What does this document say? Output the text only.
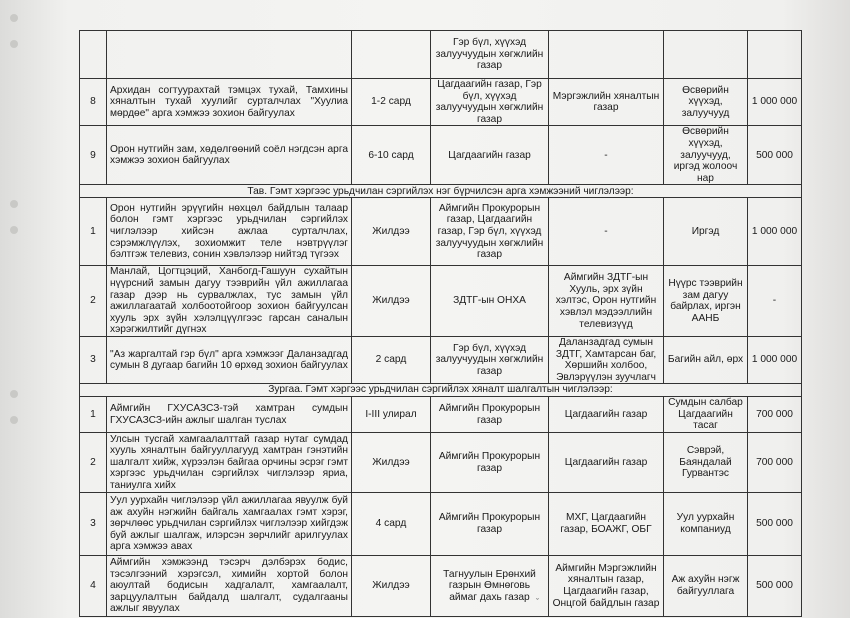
			Гэр бүл, хүүхэд залуучуудын хөгжлийн газар			
8	Архидан согтуурахтай тэмцэх тухай, Тамхины хяналтын тухай хуулийг сурталчлах "Хуулиа мөрдөе" арга хэмжээ зохион байгуулах	1-2 сард	Цагдаагийн газар, Гэр бүл, хүүхэд залуучуудын хөгжлийн газар	Мэргэжлийн хяналтын газар	Өсвөрийн хүүхэд, залуучууд	1 000 000
9	Орон нутгийн зам, хөдөлгөөний соёл нэгдсэн арга хэмжээ зохион байгуулах	6-10 сард	Цагдаагийн газар	-	Өсвөрийн хүүхэд, залуучууд, иргэд жолооч нар	500 000
Тав. Гэмт хэргээс урьдчилан сэргийлэх нэг бүрчилсэн арга хэмжээний чиглэлээр:						
1	Орон нутгийн эрүүгийн нөхцөл байдлын талаар болон гэмт хэргээс урьдчилан сэргийлэх чиглэлээр хийсэн ажлаа сурталчлах, сэрэмжлүүлэх, зохиомжит теле нэвтрүүлэг бэлтгэж телевиз, сонин хэвлэлээр нийтэд түгээх	Жилдээ	Аймгийн Прокурорын газар, Цагдаагийн газар, Гэр бүл, хүүхэд залуучуудын хөгжлийн газар	-	Иргэд	1 000 000
2	Манлай, Цогтцэций, Ханбогд-Гашуун сухайтын нүүрсний замын дагуу тээврийн үйл ажиллагаа газар дээр нь сурвалжлах, тус замын үйл ажиллагаатай холбоотойгоор зохион байгуулсан хууль эрх зүйн хэлэлцүүлгээс гарсан саналын хэрэгжилтийг дүгнэх	Жилдээ	ЗДТГ-ын ОНХА	Аймгийн ЗДТГ-ын Хууль, эрх зүйн хэлтэс, Орон нутгийн хэвлэл мэдээллийн телевизүүд	Нүүрс тээврийн зам дагуу байрлах, иргэн ААНБ	-
3	"Аз жаргалтай гэр бүл" арга хэмжээг Даланзадгад сумын 8 дугаар багийн 10 өрхөд зохион байгуулах	2 сард	Гэр бүл, хүүхэд залуучуудын хөгжлийн газар	Даланзадгад сумын ЗДТГ, Хамтарсан баг, Хөршийн холбоо, Эвлэрүүлэн зуучлагч	Багийн айл, өрх	1 000 000
Зургаа. Гэмт хэргээс урьдчилан сэргийлэх хяналт шалгалтын чиглэлээр:						
1	Аймгийн ГХУСАЗСЗ-тэй хамтран сумдын ГХУСАЗСЗ-ийн ажлыг шалган туслах	I-III улирал	Аймгийн Прокурорын газар	Цагдаагийн газар	Сумдын салбар Цагдаагийн тасаг	700 000
2	Улсын тусгай хамгаалалттай газар нутаг сумдад хууль хяналтын байгууллагууд хамтран гэнэтийн шалгалт хийж, хүрээлэн байгаа орчины эсрэг гэмт хэргээс урьдчилан сэргийлэх чиглэлээр яриа, таниулга хийх	Жилдээ	Аймгийн Прокурорын газар	Цагдаагийн газар	Сэврэй, Баяндалай Гурвантэс	700 000
3	Уул уурхайн чиглэлээр үйл ажиллагаа явуулж буй аж ахуйн нэгжийн байгаль хамгаалах гэмт хэрэг, зөрчлөөс урьдчилан сэргийлэх чиглэлээр хийгдэж буй ажлыг шалгаж, илэрсэн зөрчлийг арилгуулах арга хэмжээ авах	4 сард	Аймгийн Прокурорын газар	МХГ, Цагдаагийн газар, БОАЖГ, ОБГ	Уул уурхайн компаниуд	500 000
4	Аймгийн хэмжээнд тэсэрч дэлбэрэх бодис, тэсэлгээний хэрэгсэл, химийн хортой болон аюултай бодисын хадгалалт, хамгаалалт, зарцуулалтын байдалд шалгалт, судалгааны ажлыг явуулах	Жилдээ	Тагнуулын Ерөнхий газрын Өмнөговь аймаг дахь газар	Аймгийн Мэргэжлийн хяналтын газар, Цагдаагийн газар, Онцгой байдлын газар	Аж ахуйн нэгж байгууллага	500 000
ˇ
